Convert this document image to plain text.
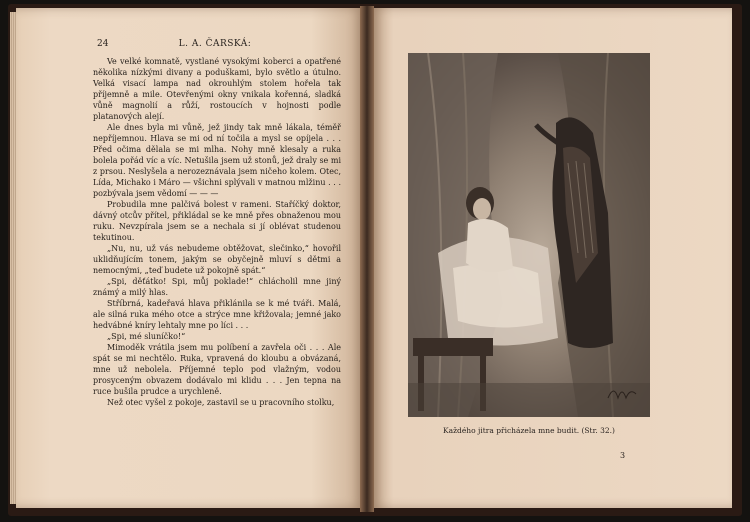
24	L. A. ČARSKÁ:

Ve velké komnatě, vystlané vysokými koberci a opatřené několika nízkými divany a poduškami, bylo světlo a útulno. Velká visací lampa nad okrouhlým stolem hořela tak příjemně a mile. Otevřenými okny vnikala kořenná, sladká vůně magnolií a růží, rostoucích v hojnosti podle platanových alejí.

Ale dnes byla mi vůně, jež jindy tak mně lákala, téměř nepříjemnou. Hlava se mi od ní točila a mysl se opíjela . . . Před očima dělala se mi mlha. Nohy mně klesaly a ruka bolela pořád víc a víc. Netušila jsem už stonů, jež draly se mi z prsou. Neslyšela a nerozeznávala jsem ničeho kolem. Otec, Lída, Michako i Máro — všichni splývali v matnou mlžinu . . . pozbývala jsem vědomí — — —

Probudila mne palčivá bolest v rameni. Staříčký doktor, dávný otcův přítel, přikládal se ke mně přes obnaženou mou ruku. Nevzpírala jsem se a nechala si jí oblévat studenou tekutinou.

„Nu, nu, už vás nebudeme obtěžovat, slečinko,“ hovořil uklidňujícím tonem, jakým se obyčejně mluví s dětmi a nemocnými, „teď budete už pokojně spát.“

„Spi, děťátko! Spi, můj poklade!“ chlácholil mne jiný známý a milý hlas.

Stříbrná, kadeřavá hlava přiklánila se k mé tváři. Malá, ale silná ruka mého otce a strýce mne křižovala; jemné jako hedvábné kníry lehtaly mne po líci . . .

„Spi, mé sluníčko!“

Mimoděk vrátila jsem mu políbení a zavřela oči . . . Ale spát se mi nechtělo. Ruka, vpravená do kloubu a obvázaná, mne už nebolela. Příjemné teplo pod vlažným, vodou prosyceným obvazem dodávalo mi klidu . . . Jen tepna na ruce bušila prudce a urychleně.

Než otec vyšel z pokoje, zastavil se u pracovního stolku,

Každého jitra přicházela mne budit. (Str. 32.)
3
